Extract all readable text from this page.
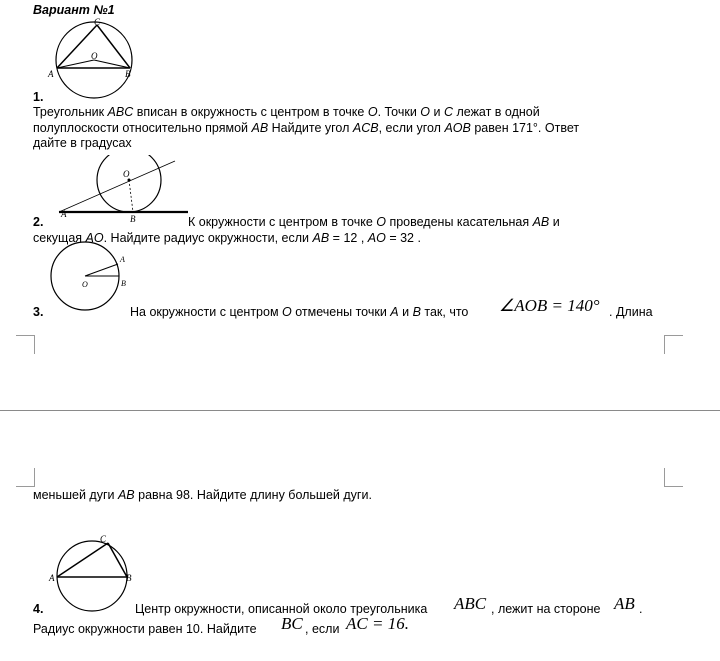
Вариант №1
C
O
A	B
1.
Треугольник ABC вписан в окружность с центром в точке O. Точки O и C лежат в одной
полуплоскости относительно прямой AB Найдите угол ACB, если угол AOB равен 171°. Ответ
дайте в градусах
O
A	B
2.	К окружности с центром в точке O проведены касательная AB и
секущая AO. Найдите радиус окружности, если AB = 12 , AO = 32 .
A
O	B
3.	На окружности с центром O отмечены точки A и B так, что ∠AOB = 140° . Длина
меньшей дуги AB равна 98. Найдите длину большей дуги.
C
A	B
4.	Центр окружности, описанной около треугольника ABC , лежит на стороне AB .
Радиус окружности равен 10. Найдите BC , если AC = 16.
